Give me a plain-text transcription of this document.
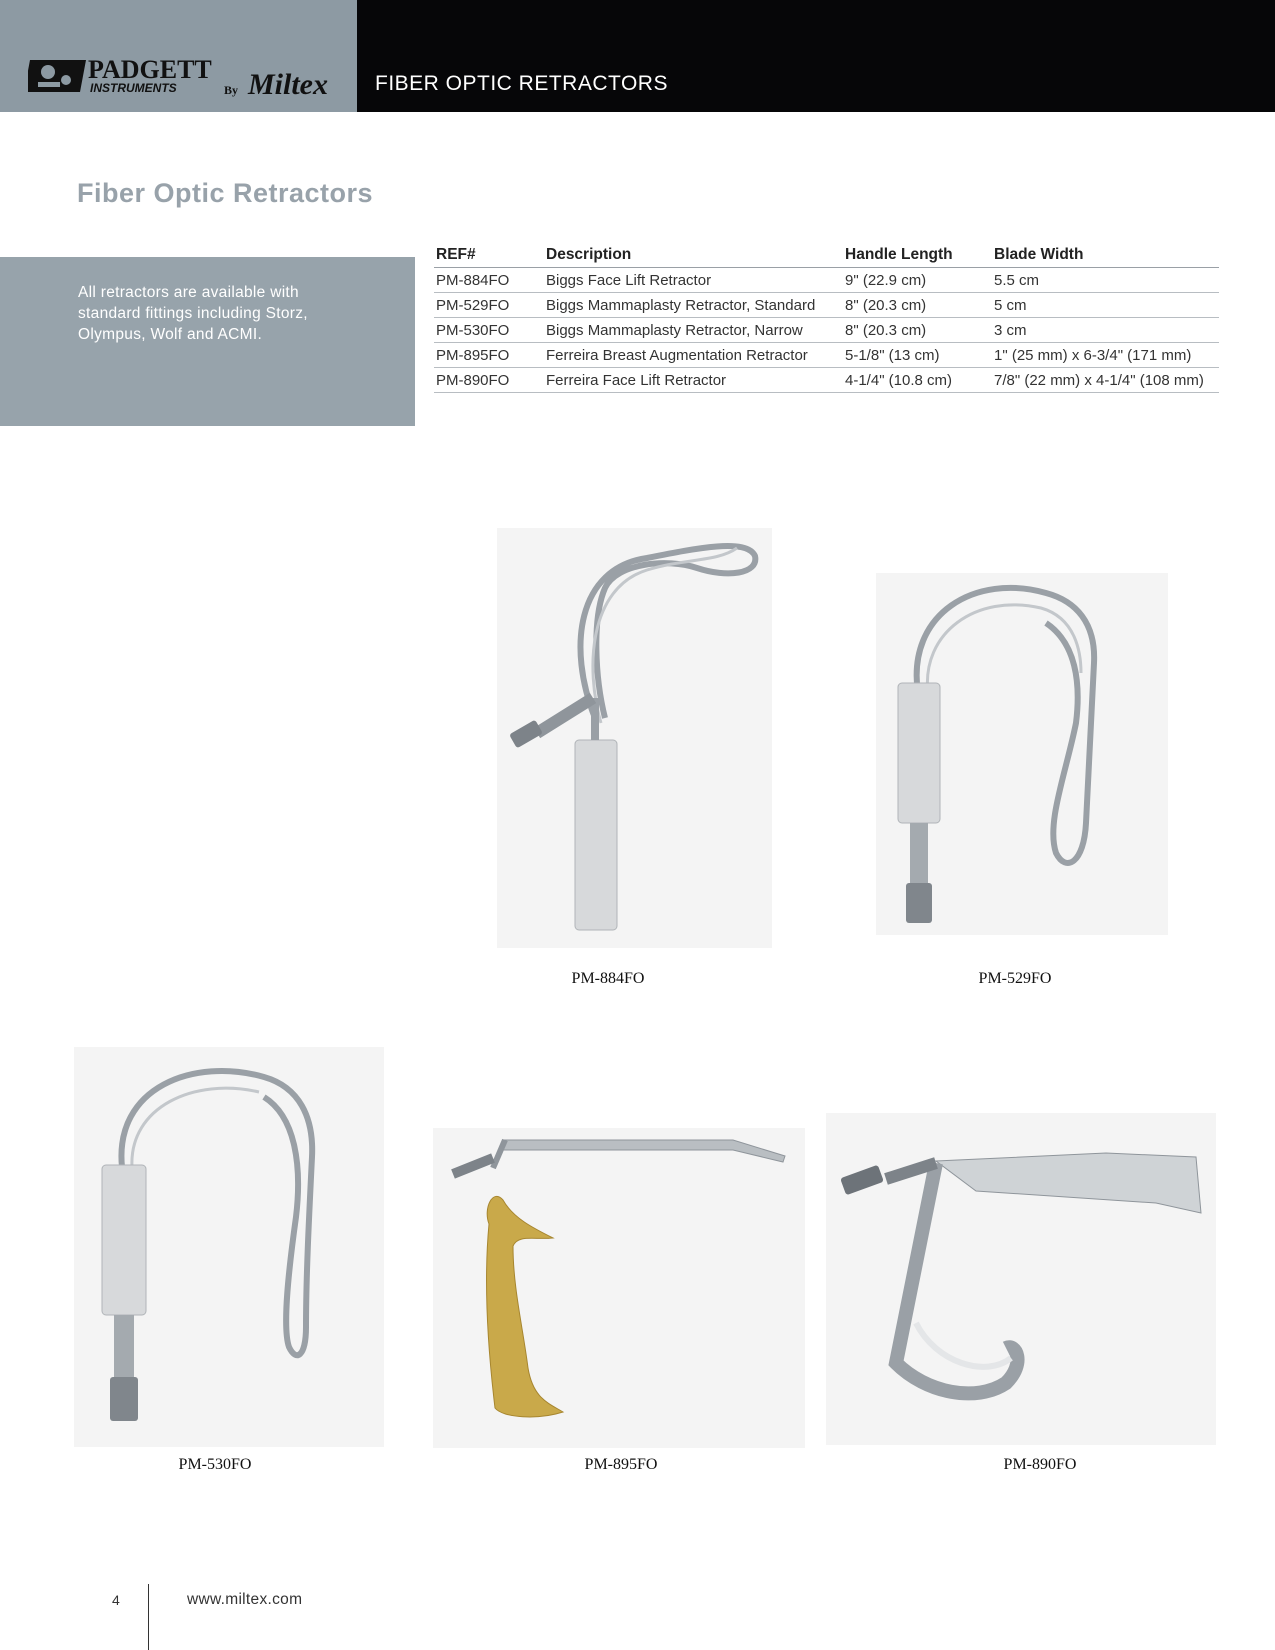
PADGETT
INSTRUMENTS	By Miltex FIBER OPTIC RETRACTORS
Fiber Optic Retractors
All retractors are available with standard fittings including Storz, Olympus, Wolf and ACMI.
REF#	Description	Handle Length	Blade Width
PM-884FO	Biggs Face Lift Retractor	9" (22.9 cm)	5.5 cm
PM-529FO	Biggs Mammaplasty Retractor, Standard	8" (20.3 cm)	5 cm
PM-530FO	Biggs Mammaplasty Retractor, Narrow	8" (20.3 cm)	3 cm
PM-895FO	Ferreira Breast Augmentation Retractor	5-1/8" (13 cm)	1" (25 mm) x 6-3/4" (171 mm)
PM-890FO	Ferreira Face Lift Retractor	4-1/4" (10.8 cm)	7/8" (22 mm) x 4-1/4" (108 mm)
PM-884FO	PM-529FO
PM-530FO	PM-895FO	PM-890FO
4	www.miltex.com
